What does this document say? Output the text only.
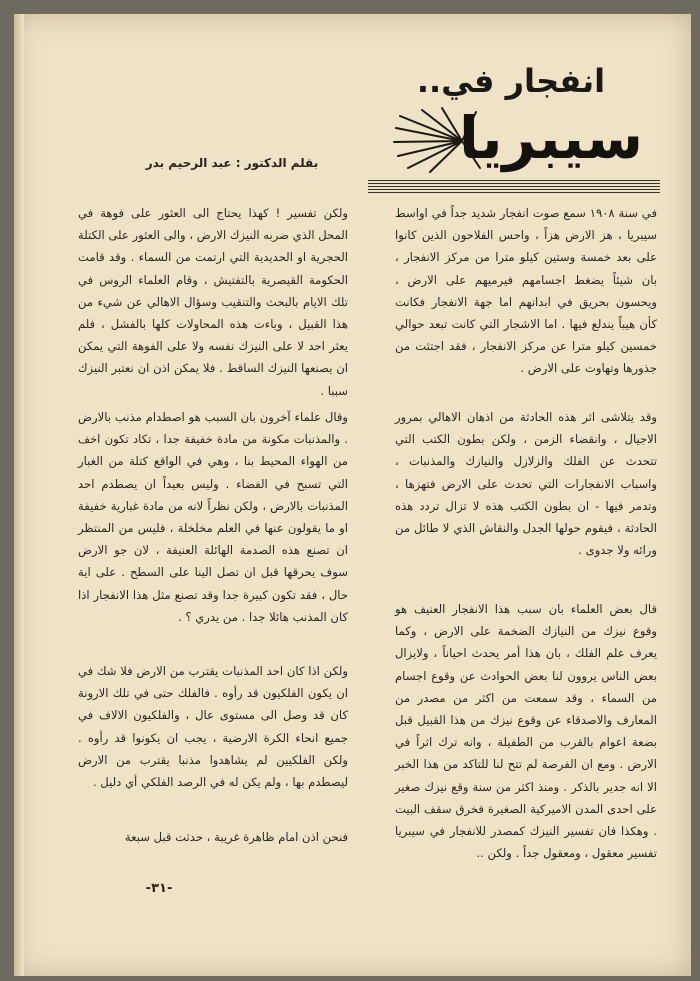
انفجار في..
سيبريا
بقلم الدكتور : عبد الرحيم بدر

في سنة ١٩٠٨ سمع صوت انفجار شديد جداً في اواسط سيبريا ، هز الارض هزاً ، واحس الفلاحون الذين كانوا على بعد خمسة وستين كيلو مترا من مركز الانفجار ، بان شيئاً يضغط اجسامهم فيرميهم على الارض ، ويحسون بحريق في ابدانهم اما جهة الانفجار فكانت كأن هيباً يندلع فيها . اما الاشجار التي كانت تبعد حوالي خمسين كيلو مترا عن مركز الانفجار ، فقد اجتثت من جذورها وتهاوت على الارض .

وقد يتلاشى اثر هذه الحادثة من اذهان الاهالي بمرور الاجيال ، وانقضاء الزمن ، ولكن بطون الكتب التي تتحدث عن الفلك والزلازل والنيازك والمذنبات ، واسباب الانفجارات التي تحدث على الارض فتهزها ، وتدمر فيها - ان بطون الكتب هذه لا تزال تردد هذه الحادثة ، فيقوم حولها الجدل والنقاش الذي لا طائل من ورائه ولا جدوى .

قال بعض العلماء بان سبب هذا الانفجار العنيف هو وقوع نيزك من النيازك الضخمة على الارض ، وكما يعرف علم الفلك ، بان هذا أمر يحدث احياناً ، ولايزال بعض الناس يروون لنا بعض الحوادث عن وقوع اجسام من السماء ، وقد سمعت من اكثر من مصدر من المعارف والاصدقاء عن وقوع نيزك من هذا القبيل قبل بضعة اعوام بالقرب من الطفيلة ، وانه ترك اثراً في الارض . ومع ان الفرصة لم تتح لنا للتاكد من هذا الخبر الا انه جدير بالذكر . ومنذ اكثر من سنة وقع نيزك صغير على احدى المدن الاميركية الصغيرة فخرق سقف البيت . وهكذا فان تفسير النيزك كمصدر للانفجار في سيبريا تفسير معقول ، ومعقول جداً . ولكن ..

ولكن تفسير ! كهذا يحتاج الى العثور على فوهة في المحل الذي ضربه النيزك الارض ، والى العثور على الكتلة الحجرية او الحديدية التي ارتمت من السماء . وقد قامت الحكومة القيصرية بالتفتيش ، وقام العلماء الروس في تلك الايام بالبحث والتنقيب وسؤال الاهالي عن شيء من هذا القبيل ، وباءت هذه المحاولات كلها بالفشل ، فلم يعثر احد لا على النيزك نفسه ولا على الفوهة التي يمكن ان يصنعها النيزك الساقط . فلا يمكن اذن ان نعتبر النيزك سببا .

وقال علماء آخرون بان السبب هو اصطدام مذنب بالارض . والمذنبات مكونة من مادة خفيفة جدا ، تكاد تكون اخف من الهواء المحيط بنا ، وهي في الواقع كتلة من الغبار التي تسبح في الفضاء . وليس بعيداً ان يصطدم احد المذنبات بالارض ، ولكن نظراً لانه من مادة غبارية خفيفة او ما يقولون عنها في العلم مخلخلة ، فليس من المنتظر ان تصنع هذه الصدمة الهائلة العنيفة ، لان جو الارض سوف يحرقها قبل ان تصل الينا على السطح . على اية حال ، فقد تكون كبيرة جدا وقد تصنع مثل هذا الانفجار اذا كان المذنب هائلا جدا . من يدري ؟ .

ولكن اذا كان احد المذنبات يقترب من الارض فلا شك في ان يكون الفلكيون قد رأوه . فالفلك حتى في تلك الارونة كان قد وصل الى مستوى عال ، والفلكيون الالاف في جميع انحاء الكرة الارضية ، يجب ان يكونوا قد رأوه . ولكن الفلكيين لم يشاهدوا مذنبا يقترب من الارض ليصطدم بها ، ولم يكن له في الرصد الفلكي أي دليل .

فنحن اذن امام ظاهرة غريبة ، حدثت قبل سبعة

-٣١-
